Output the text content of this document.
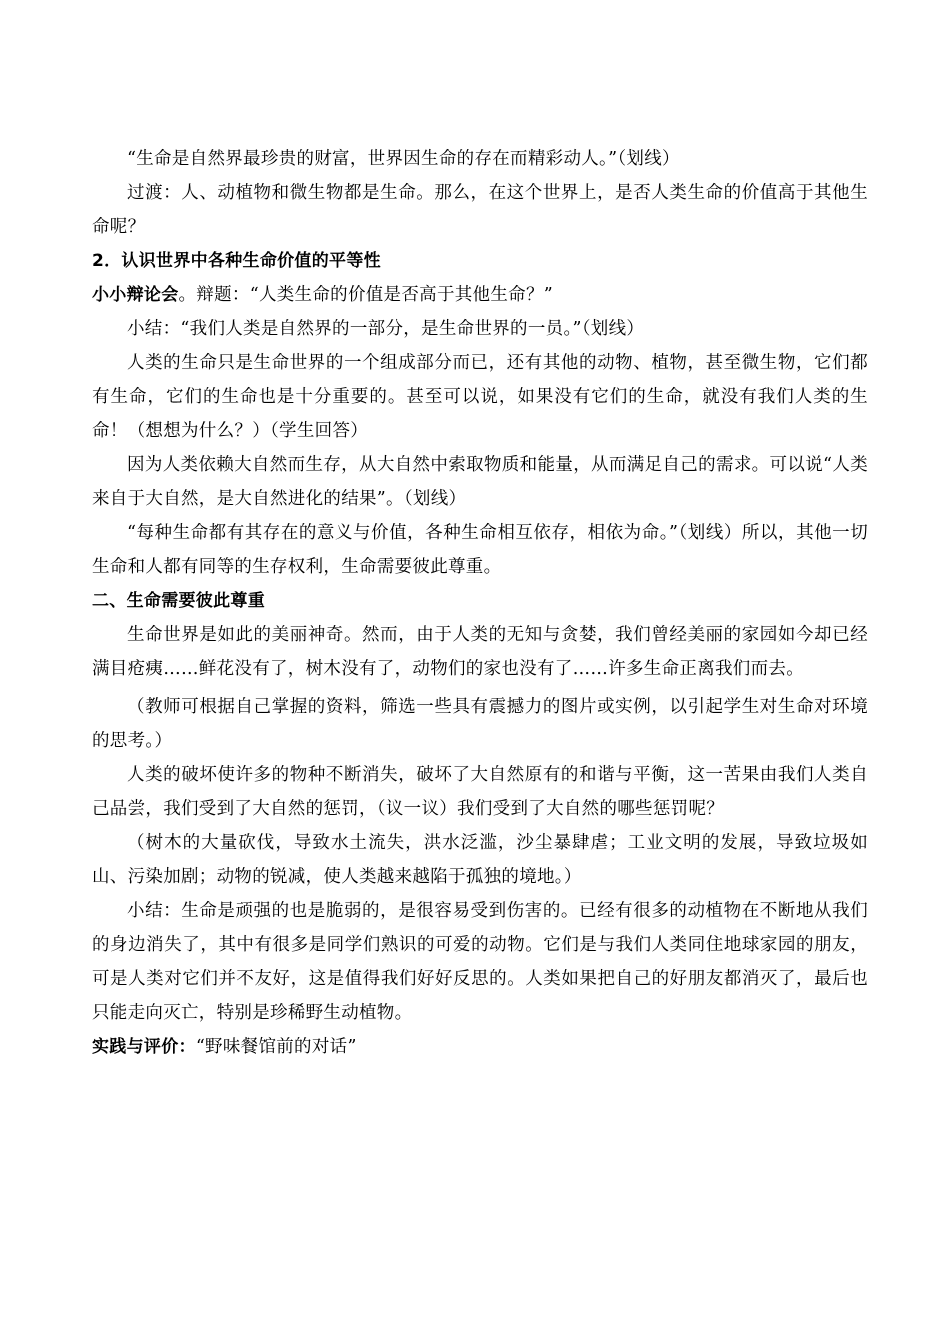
“生命是自然界最珍贵的财富，世界因生命的存在而精彩动人。”（划线）

过渡：人、动植物和微生物都是生命。那么，在这个世界上，是否人类生命的价值高于其他生命呢？

2．认识世界中各种生命价值的平等性

小小辩论会。辩题：“人类生命的价值是否高于其他生命？”

小结：“我们人类是自然界的一部分，是生命世界的一员。”（划线）

人类的生命只是生命世界的一个组成部分而已，还有其他的动物、植物，甚至微生物，它们都有生命，它们的生命也是十分重要的。甚至可以说，如果没有它们的生命，就没有我们人类的生命！（想想为什么？）（学生回答）

因为人类依赖大自然而生存，从大自然中索取物质和能量，从而满足自己的需求。可以说“人类来自于大自然，是大自然进化的结果”。（划线）

“每种生命都有其存在的意义与价值，各种生命相互依存，相依为命。”（划线）所以，其他一切生命和人都有同等的生存权利，生命需要彼此尊重。

二、生命需要彼此尊重

生命世界是如此的美丽神奇。然而，由于人类的无知与贪婪，我们曾经美丽的家园如今却已经满目疮痍……鲜花没有了，树木没有了，动物们的家也没有了……许多生命正离我们而去。

（教师可根据自己掌握的资料，筛选一些具有震撼力的图片或实例，以引起学生对生命对环境的思考。）

人类的破坏使许多的物种不断消失，破坏了大自然原有的和谐与平衡，这一苦果由我们人类自己品尝，我们受到了大自然的惩罚，（议一议）我们受到了大自然的哪些惩罚呢？

（树木的大量砍伐，导致水土流失，洪水泛滥，沙尘暴肆虐；工业文明的发展，导致垃圾如山、污染加剧；动物的锐减，使人类越来越陷于孤独的境地。）

小结：生命是顽强的也是脆弱的，是很容易受到伤害的。已经有很多的动植物在不断地从我们的身边消失了，其中有很多是同学们熟识的可爱的动物。它们是与我们人类同住地球家园的朋友，可是人类对它们并不友好，这是值得我们好好反思的。人类如果把自己的好朋友都消灭了，最后也只能走向灭亡，特别是珍稀野生动植物。

实践与评价：“野味餐馆前的对话”
